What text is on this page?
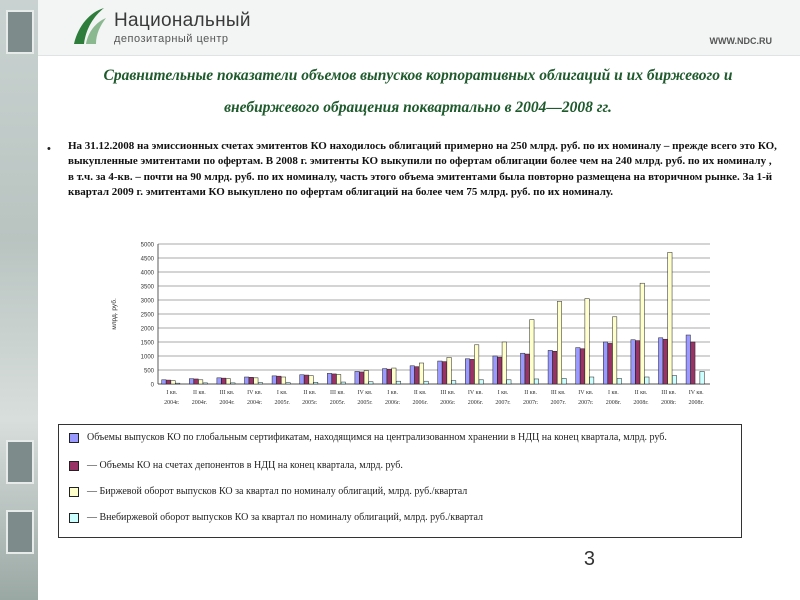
Национальный
депозитарный центр	WWW.NDC.RU
Сравнительные показатели объемов выпусков корпоративных облигаций и их биржевого и внебиржевого обращения поквартально в 2004—2008 гг.
• На 31.12.2008 на эмиссионных счетах эмитентов КО находилось облигаций примерно на 250 млрд. руб. по их номиналу – прежде всего это КО, выкупленные эмитентами по офертам. В 2008 г. эмитенты КО выкупили по офертам облигации более чем на 240 млрд. руб. по их номиналу , в т.ч. за 4-кв. – почти на 90 млрд. руб. по их номиналу, часть этого объема эмитентами была повторно размещена на вторичном рынке. За 1-й квартал 2009 г. эмитентами КО выкуплено по офертам облигаций на более чем 75 млрд. руб. по их номиналу.
0
500
1000
1500
2000
2500
3000
3500
4000
4500
5000
млрд. руб.
I кв.
2004г.
II кв.
2004г.
III кв.
2004г.
IV кв.
2004г.
I кв.
2005г.
II кв.
2005г.
III кв.
2005г.
IV кв.
2005г.
I кв.
2006г.
II кв.
2006г.
III кв.
2006г.
IV кв.
2006г.
I кв.
2007г.
II кв.
2007г.
III кв.
2007г.
IV кв.
2007г.
I кв.
2008г.
II кв.
2008г.
III кв.
2008г.
IV кв.
2008г.
Объемы выпусков КО по глобальным сертификатам, находящимся на централизованном хранении в НДЦ на конец квартала, млрд. руб.
— Объемы КО на счетах депонентов в НДЦ на конец квартала, млрд. руб.
— Биржевой оборот выпусков КО за квартал по номиналу облигаций, млрд. руб./квартал
— Внебиржевой оборот выпусков КО за квартал по номиналу облигаций, млрд. руб./квартал
3
